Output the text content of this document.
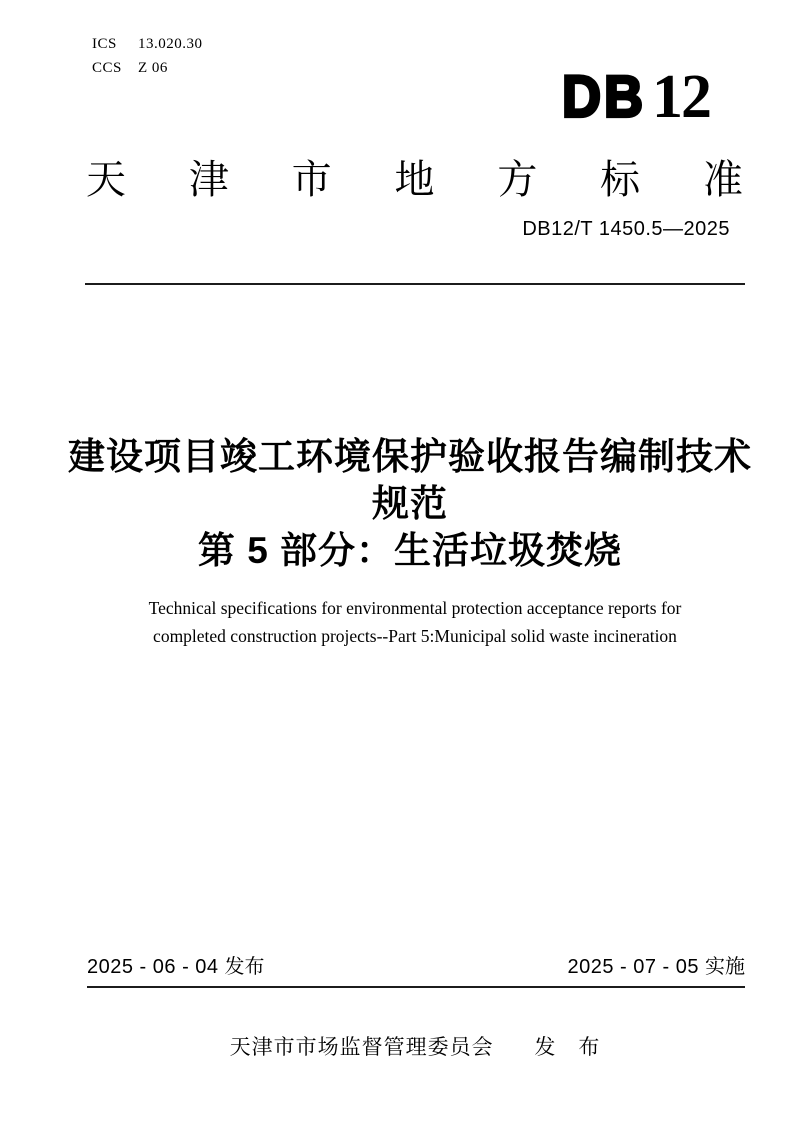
ICS 13.020.30
CCS Z 06	DB 12
天 津 市 地 方 标 准
DB12/T 1450.5—2025
建设项目竣工环境保护验收报告编制技术
规范
第 5 部分：生活垃圾焚烧
Technical specifications for environmental protection acceptance reports for
completed construction projects--Part 5:Municipal solid waste incineration
2025 - 06 - 04 发布	2025 - 07 - 05 实施
天津市市场监督管理委员会 发　布
